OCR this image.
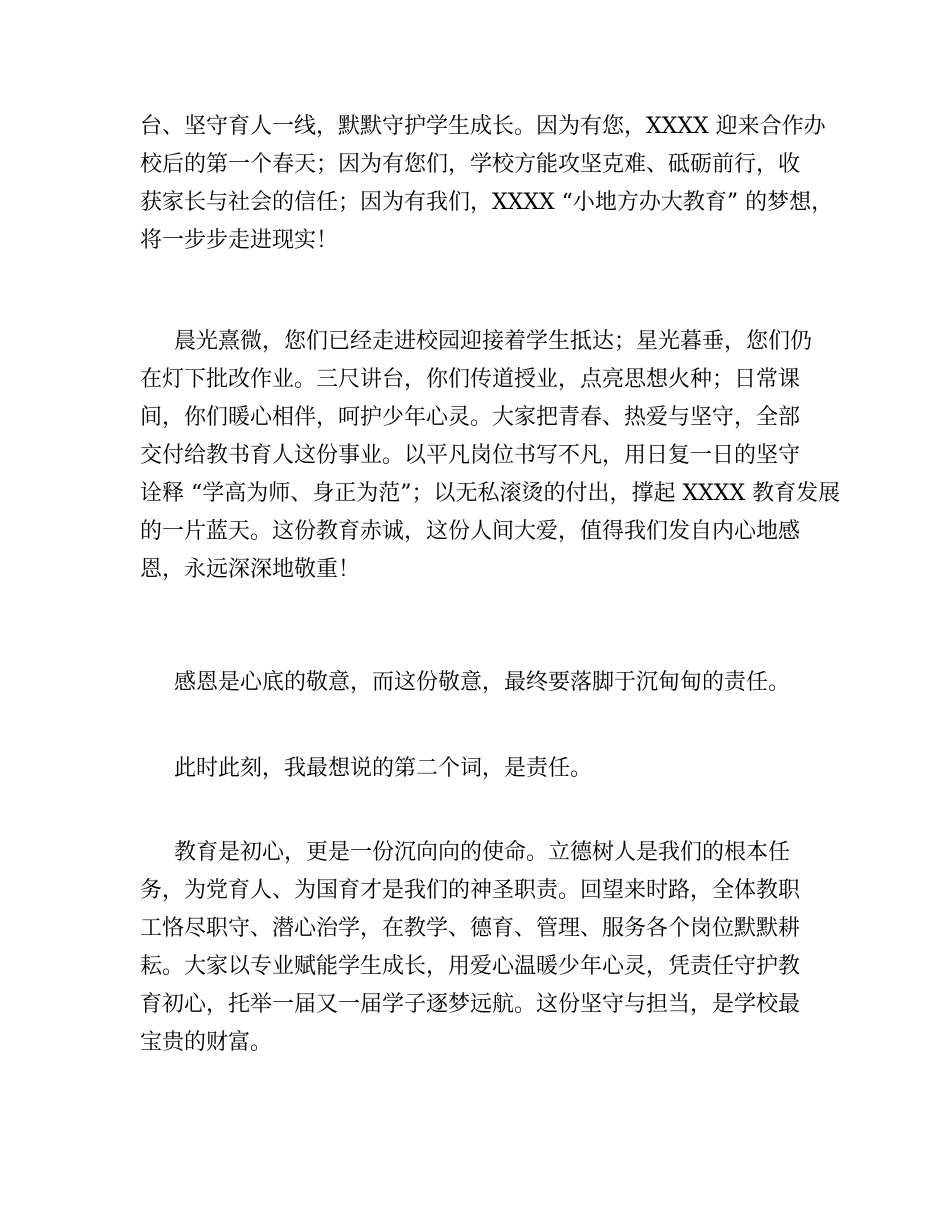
台、坚守育人一线，默默守护学生成长。因为有您，XXXX 迎来合作办
校后的第一个春天；因为有您们，学校方能攻坚克难、砥砺前行，收
获家长与社会的信任；因为有我们，XXXX “小地方办大教育” 的梦想，
将一步步走进现实！
晨光熹微，您们已经走进校园迎接着学生抵达；星光暮垂，您们仍
在灯下批改作业。三尺讲台，你们传道授业，点亮思想火种；日常课
间，你们暖心相伴，呵护少年心灵。大家把青春、热爱与坚守，全部
交付给教书育人这份事业。以平凡岗位书写不凡，用日复一日的坚守
诠释 “学高为师、身正为范”；以无私滚烫的付出，撑起 XXXX 教育发展
的一片蓝天。这份教育赤诚，这份人间大爱，值得我们发自内心地感
恩，永远深深地敬重！
感恩是心底的敬意，而这份敬意，最终要落脚于沉甸甸的责任。
此时此刻，我最想说的第二个词，是责任。
教育是初心，更是一份沉向向的使命。立德树人是我们的根本任
务，为党育人、为国育才是我们的神圣职责。回望来时路，全体教职
工恪尽职守、潜心治学，在教学、德育、管理、服务各个岗位默默耕
耘。大家以专业赋能学生成长，用爱心温暖少年心灵，凭责任守护教
育初心，托举一届又一届学子逐梦远航。这份坚守与担当，是学校最
宝贵的财富。
